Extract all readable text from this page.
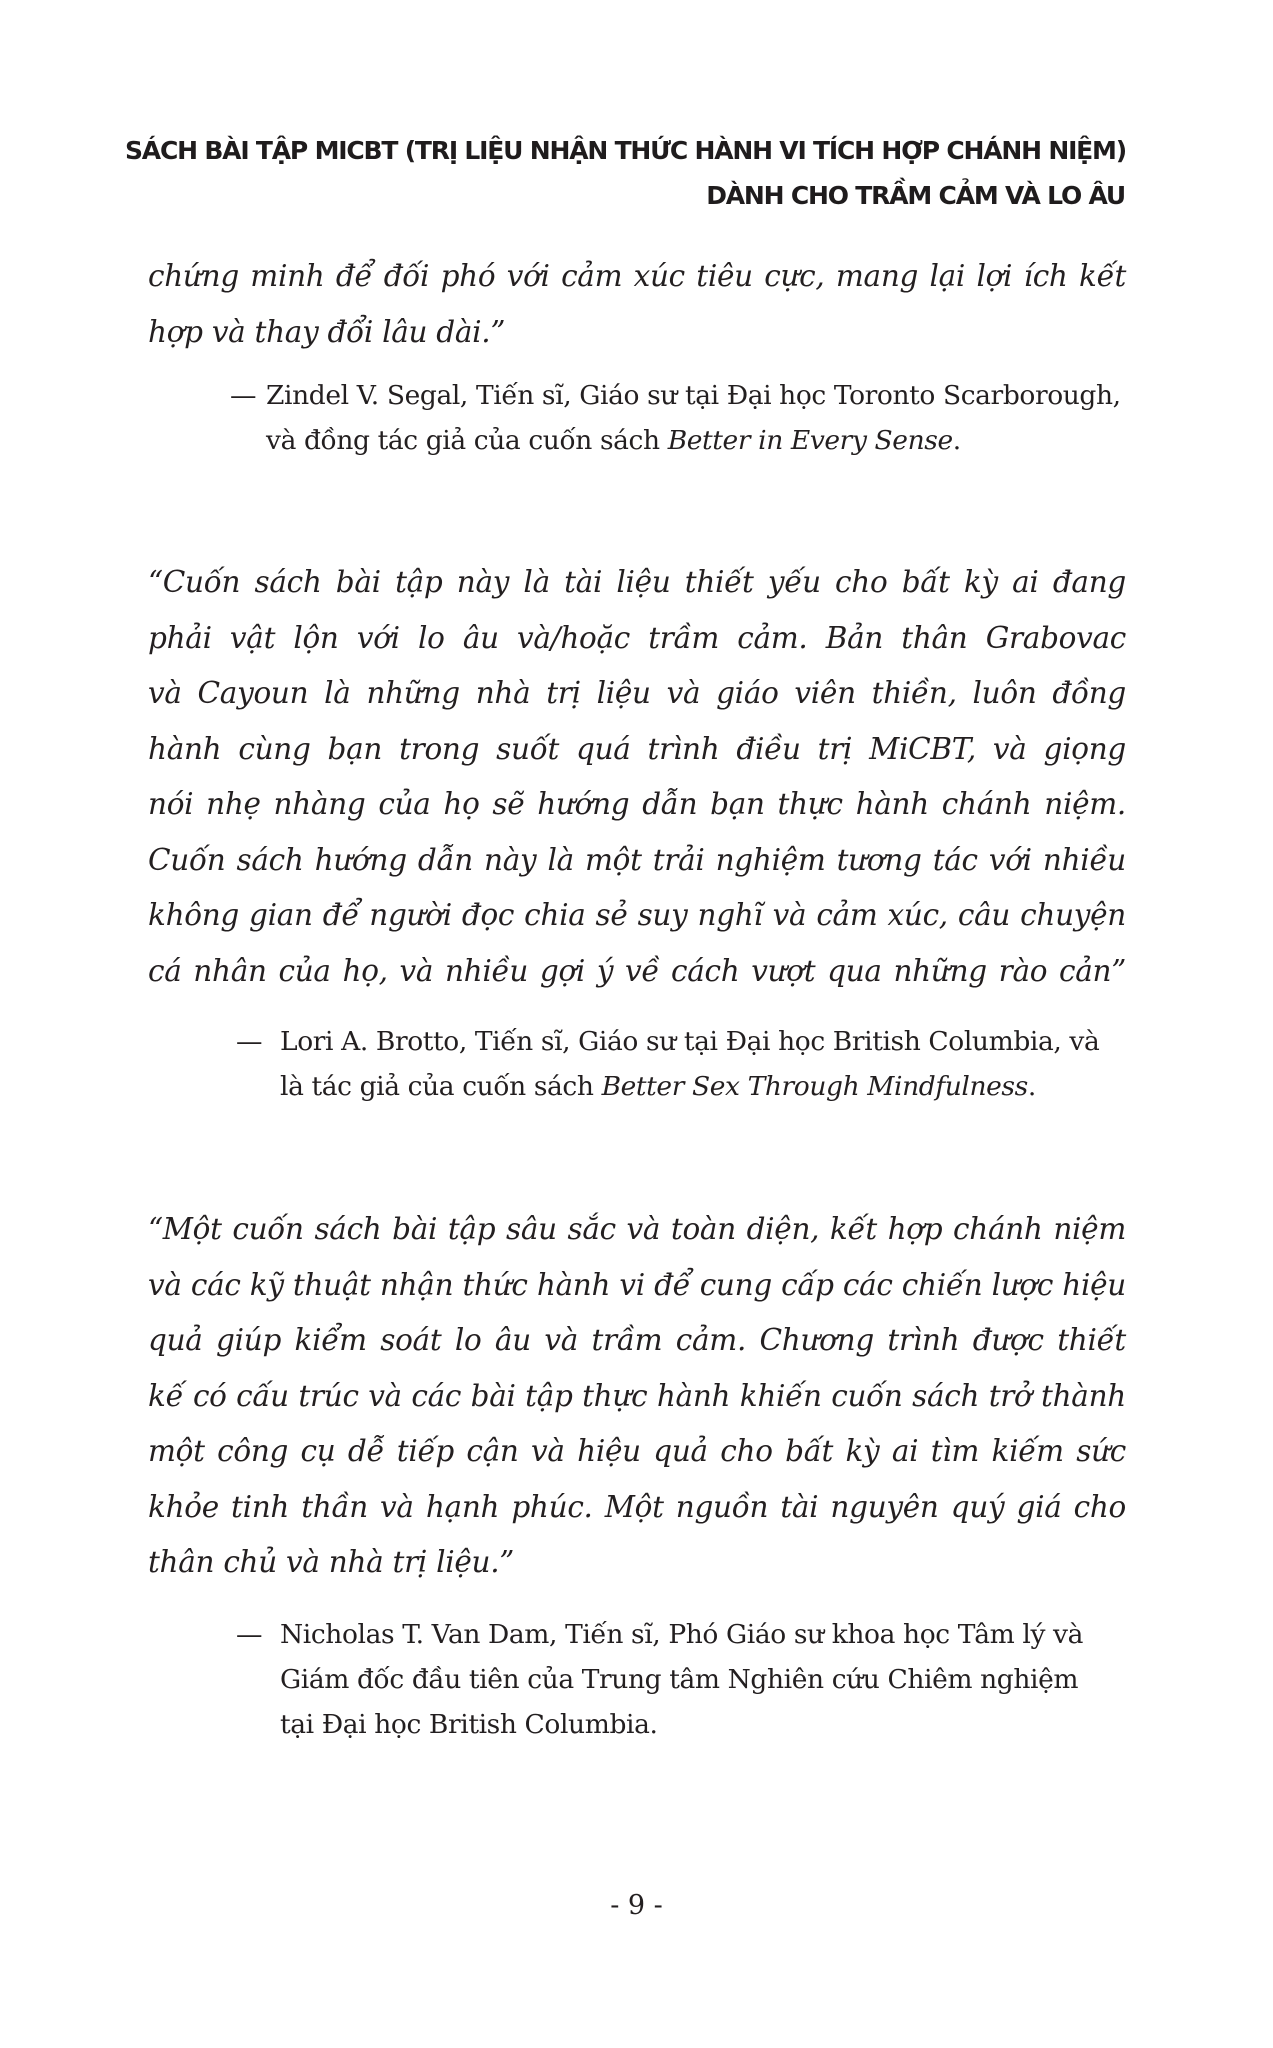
SÁCH BÀI TẬP MICBT (TRỊ LIỆU NHẬN THỨC HÀNH VI TÍCH HỢP CHÁNH NIỆM)
DÀNH CHO TRẦM CẢM VÀ LO ÂU

chứng minh để đối phó với cảm xúc tiêu cực, mang lại lợi ích kết
hợp và thay đổi lâu dài.”

— Zindel V. Segal, Tiến sĩ, Giáo sư tại Đại học Toronto Scarborough,
và đồng tác giả của cuốn sách Better in Every Sense.

“Cuốn sách bài tập này là tài liệu thiết yếu cho bất kỳ ai đang
phải vật lộn với lo âu và/hoặc trầm cảm. Bản thân Grabovac
và Cayoun là những nhà trị liệu và giáo viên thiền, luôn đồng
hành cùng bạn trong suốt quá trình điều trị MiCBT, và giọng
nói nhẹ nhàng của họ sẽ hướng dẫn bạn thực hành chánh niệm.
Cuốn sách hướng dẫn này là một trải nghiệm tương tác với nhiều
không gian để người đọc chia sẻ suy nghĩ và cảm xúc, câu chuyện
cá nhân của họ, và nhiều gợi ý về cách vượt qua những rào cản”

— Lori A. Brotto, Tiến sĩ, Giáo sư tại Đại học British Columbia, và
là tác giả của cuốn sách Better Sex Through Mindfulness.

“Một cuốn sách bài tập sâu sắc và toàn diện, kết hợp chánh niệm
và các kỹ thuật nhận thức hành vi để cung cấp các chiến lược hiệu
quả giúp kiểm soát lo âu và trầm cảm. Chương trình được thiết
kế có cấu trúc và các bài tập thực hành khiến cuốn sách trở thành
một công cụ dễ tiếp cận và hiệu quả cho bất kỳ ai tìm kiếm sức
khỏe tinh thần và hạnh phúc. Một nguồn tài nguyên quý giá cho
thân chủ và nhà trị liệu.”

— Nicholas T. Van Dam, Tiến sĩ, Phó Giáo sư khoa học Tâm lý và
Giám đốc đầu tiên của Trung tâm Nghiên cứu Chiêm nghiệm
tại Đại học British Columbia.
- 9 -
